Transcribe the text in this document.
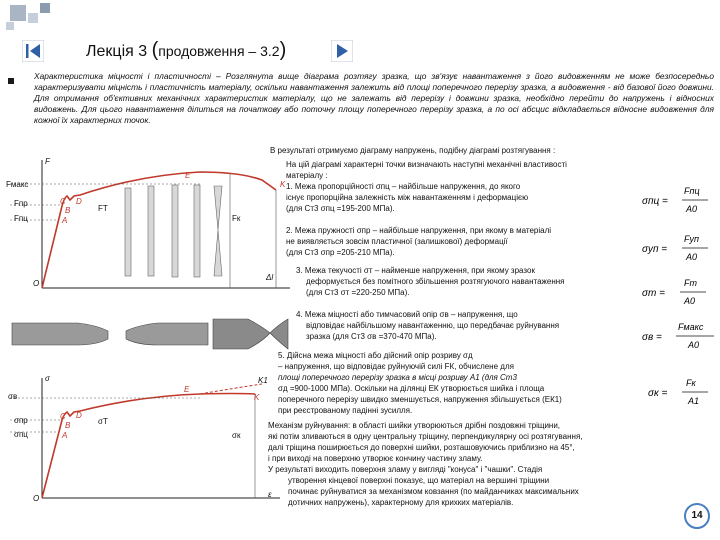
Лекція 3 (продовження – 3.2)
Характеристика міцності і пластичності – Розглянута вище діаграма розтягу зразка, що зв'язує навантаження з його видовженням не може безпосередньо характеризувати міцність і пластичність матеріалу, оскільки навантаження залежить від площі поперечного перерізу зразка, а видовження - від базової його довжини. Для отримання об'єктивних механічних характеристик матеріалу, що не залежать від перерізу і довжини зразка, необхідно перейти до напружень і відносних видовжень. Для цього навантаження ділиться на початкову або поточну площу поперечного перерізу зразка, а по осі абсцис відкладається відносне видовження для кожної їх характерних точок.
F
Fмакс
Fпр
Fпц
O
A
B
C D
E
K
FТ
Fк
Δl
σ
σв
σпр
σпц
O
A
B
C D
E
K
K1
σТ
σк
ε
В результаті отримуємо діаграму напружень, подібну діаграмі розтягування :
На цій діаграмі характерні точки визначають наступні механічні властивості
матеріалу :
1. Межа пропорційності σпц – найбільше напруження, до якого
існує пропорційна залежність між навантаженням і деформацією
(для Ст3 σпц =195-200 МПа).
2. Межа пружності σпр – найбільше напруження, при якому в матеріалі
не виявляється зовсім пластичної (залишкової) деформації
(для Ст3 σпр =205-210 МПа).
3. Межа текучості σт – найменше напруження, при якому зразок
деформується без помітного збільшення розтягуючого навантаження
(для Ст3 σт =220-250 МПа).
4. Межа міцності або тимчасовий опір σв – напруження, що
відповідає найбільшому навантаженню, що передбачає руйнування
зразка (для Ст3 σв =370-470 МПа).
5. Дійсна межа міцності або дійсний опір розриву σд
– напруження, що відповідає руйнуючій силі FК, обчислене для
площі поперечного перерізу зразка в місці розриву A1 (для Ст3
σд =900-1000 МПа). Оскільки на ділянці ЕК утворюється шийка і площа
поперечного перерізу швидко зменшується, напруження збільшується (ЕК1)
при реєстрованому падінні зусилля.
Механізм руйнування: в області шийки утворюються дрібні поздовжні тріщини,
які потім зливаються в одну центральну тріщину, перпендикулярну осі розтягування,
далі тріщина поширюється до поверхні шийки, розташовуючись приблизно на 45°,
і при виході на поверхню утворює кончину частину зламу.
У результаті виходить поверхня зламу у вигляді "конуса" і "чашки". Стадія
утворення кінцевої поверхні показує, що матеріал на вершині тріщини
починає руйнуватися за механізмом ковзання (по майданчиках максимальних
дотичних напружень), характерному для крихких матеріалів.
σпц =
Fпц
A0
σуп =
Fуп
A0
σт =
Fт
A0
σв =
Fмакс
A0
σк =
Fк
A1
14
